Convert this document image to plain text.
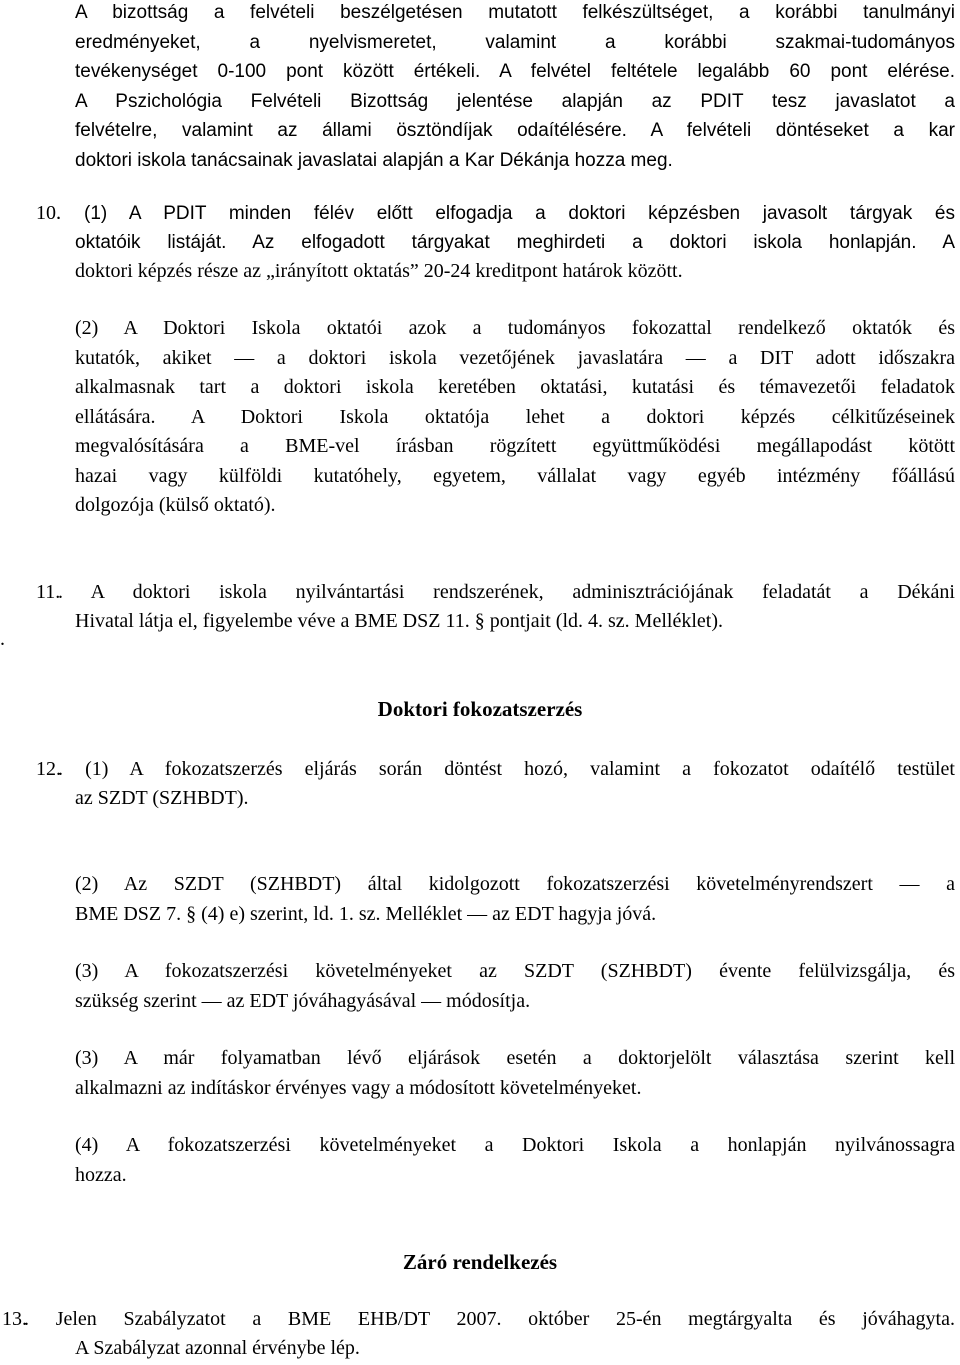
A bizottság a felvételi beszélgetésen mutatott felkészültséget, a korábbi tanulmányi
eredményeket, a nyelvismeretet, valamint a korábbi szakmai-tudományos
tevékenységet 0-100 pont között értékeli. A felvétel feltétele legalább 60 pont elérése.
A Pszichológia Felvételi Bizottság jelentése alapján az PDIT tesz javaslatot a
felvételre, valamint az állami ösztöndíjak odaítélésére. A felvételi döntéseket a kar
doktori iskola tanácsainak javaslatai alapján a Kar Dékánja hozza meg.
10.
. (1) A PDIT minden félév előtt elfogadja a doktori képzésben javasolt tárgyak és
oktatóik listáját. Az elfogadott tárgyakat meghirdeti a doktori iskola honlapján. A
doktori képzés része az „irányított oktatás” 20-24 kreditpont határok között.
(2) A Doktori Iskola oktatói azok a tudományos fokozattal rendelkező oktatók és
kutatók, akiket — a doktori iskola vezetőjének javaslatára — a DIT adott időszakra
alkalmasnak tart a doktori iskola keretében oktatási, kutatási és témavezetői feladatok
ellátására. A Doktori Iskola oktatója lehet a doktori képzés célkitűzéseinek
megvalósítására a BME-vel írásban rögzített együttműködési megállapodást kötött
hazai vagy külföldi kutatóhely, egyetem, vállalat vagy egyéb intézmény főállású
dolgozója (külső oktató).
11.
. A doktori iskola nyilvántartási rendszerének, adminisztrációjának feladatát a Dékáni
Hivatal látja el, figyelembe véve a BME DSZ 11. § pontjait (ld. 4. sz. Melléklet).
.
Doktori fokozatszerzés
12.
. (1) A fokozatszerzés eljárás során döntést hozó, valamint a fokozatot odaítélő testület
az SZDT (SZHBDT).
(2) Az SZDT (SZHBDT) által kidolgozott fokozatszerzési követelményrendszert — a
BME DSZ 7. § (4) e) szerint, ld. 1. sz. Melléklet — az EDT hagyja jóvá.
(3) A fokozatszerzési követelményeket az SZDT (SZHBDT) évente felülvizsgálja, és
szükség szerint — az EDT jóváhagyásával — módosítja.
(3) A már folyamatban lévő eljárások esetén a doktorjelölt választása szerint kell
alkalmazni az indításkor érvényes vagy a módosított követelményeket.
(4) A fokozatszerzési követelményeket a Doktori Iskola a honlapján nyilvánossagra
hozza.
Záró rendelkezés
13.
. Jelen Szabályzatot a BME EHB/DT 2007. október 25-én megtárgyalta és jóváhagyta.
A Szabályzat azonnal érvénybe lép.
